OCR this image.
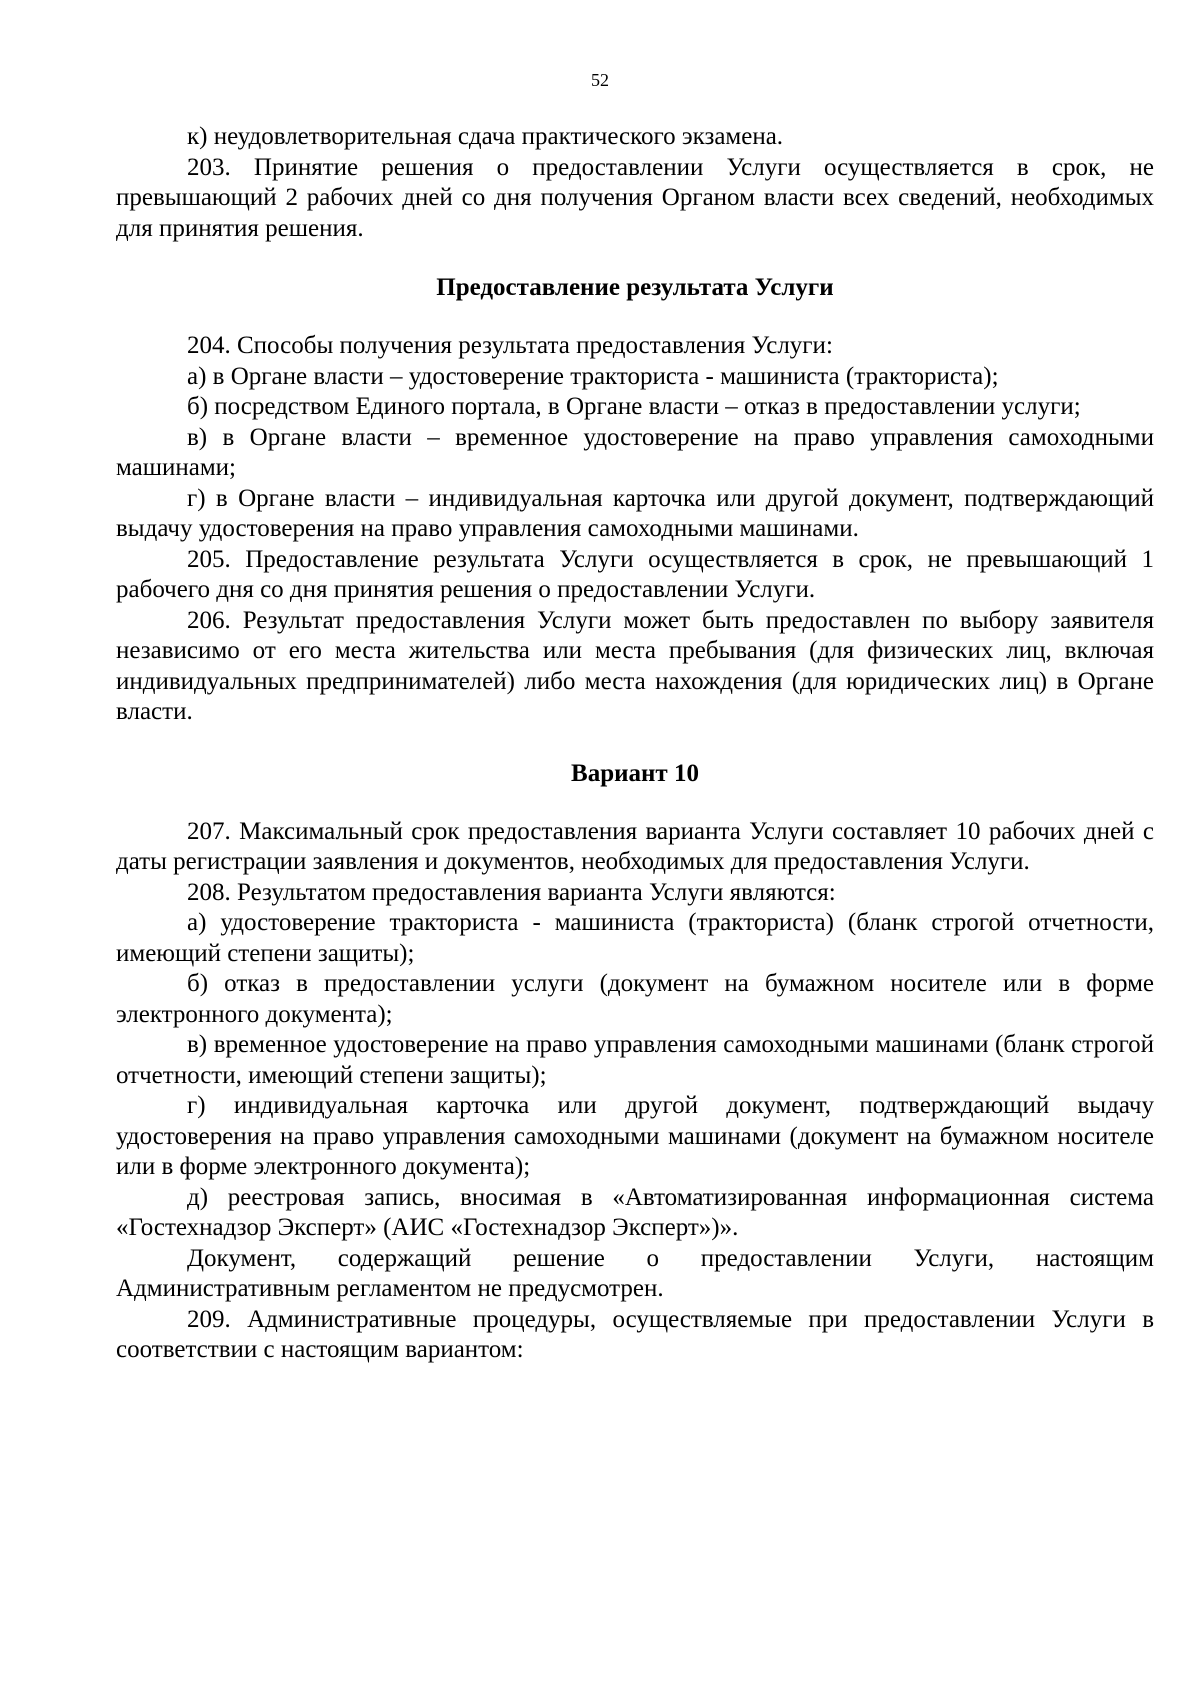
52

к) неудовлетворительная сдача практического экзамена.

203. Принятие решения о предоставлении Услуги осуществляется в срок, не превышающий 2 рабочих дней со дня получения Органом власти всех сведений, необходимых для принятия решения.

Предоставление результата Услуги

204. Способы получения результата предоставления Услуги:

а) в Органе власти – удостоверение тракториста - машиниста (тракториста);

б) посредством Единого портала, в Органе власти – отказ в предоставлении услуги;

в) в Органе власти – временное удостоверение на право управления самоходными машинами;

г) в Органе власти – индивидуальная карточка или другой документ, подтверждающий выдачу удостоверения на право управления самоходными машинами.

205. Предоставление результата Услуги осуществляется в срок, не превышающий 1 рабочего дня со дня принятия решения о предоставлении Услуги.

206. Результат предоставления Услуги может быть предоставлен по выбору заявителя независимо от его места жительства или места пребывания (для физических лиц, включая индивидуальных предпринимателей) либо места нахождения (для юридических лиц) в Органе власти.

Вариант 10

207. Максимальный срок предоставления варианта Услуги составляет 10 рабочих дней с даты регистрации заявления и документов, необходимых для предоставления Услуги.

208. Результатом предоставления варианта Услуги являются:

а) удостоверение тракториста - машиниста (тракториста) (бланк строгой отчетности, имеющий степени защиты);

б) отказ в предоставлении услуги (документ на бумажном носителе или в форме электронного документа);

в) временное удостоверение на право управления самоходными машинами (бланк строгой отчетности, имеющий степени защиты);

г) индивидуальная карточка или другой документ, подтверждающий выдачу удостоверения на право управления самоходными машинами (документ на бумажном носителе или в форме электронного документа);

д) реестровая запись, вносимая в «Автоматизированная информационная система «Гостехнадзор Эксперт» (АИС «Гостехнадзор Эксперт»)».

Документ, содержащий решение о предоставлении Услуги, настоящим Административным регламентом не предусмотрен.

209. Административные процедуры, осуществляемые при предоставлении Услуги в соответствии с настоящим вариантом:
